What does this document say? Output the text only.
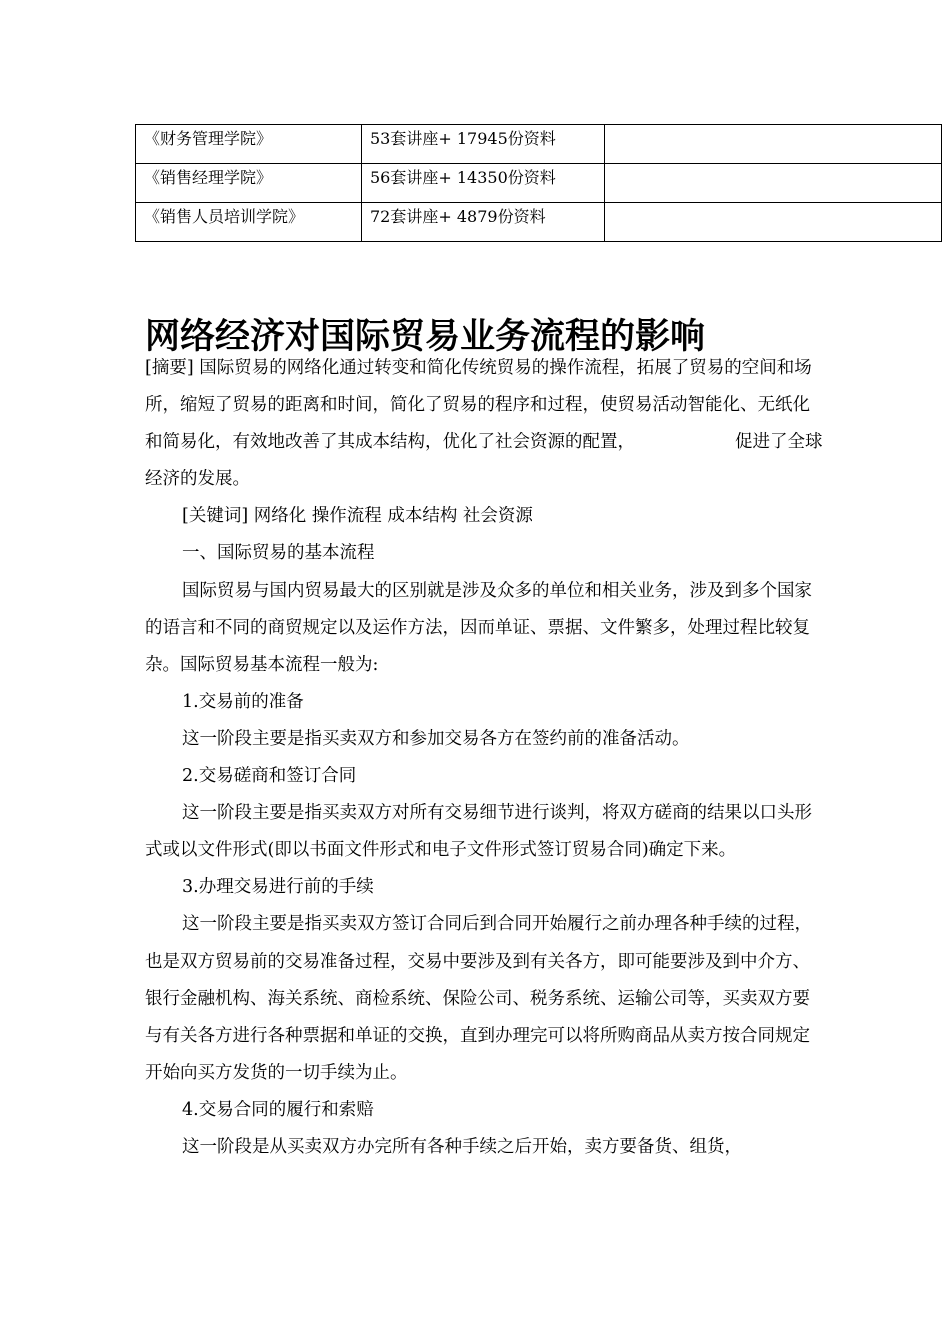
《财务管理学院》	53套讲座+ 17945份资料	
《销售经理学院》	56套讲座+ 14350份资料	
《销售人员培训学院》	72套讲座+ 4879份资料	
网络经济对国际贸易业务流程的影响

[摘要] 国际贸易的网络化通过转变和简化传统贸易的操作流程，拓展了贸易的空间和场所，缩短了贸易的距离和时间，简化了贸易的程序和过程，使贸易活动智能化、无纸化和简易化，有效地改善了其成本结构，优化了社会资源的配置，	促进了全球经济的发展。

[关键词] 网络化 操作流程 成本结构 社会资源

一、国际贸易的基本流程

国际贸易与国内贸易最大的区别就是涉及众多的单位和相关业务，涉及到多个国家的语言和不同的商贸规定以及运作方法，因而单证、票据、文件繁多，处理过程比较复杂。国际贸易基本流程一般为:

1.交易前的准备

这一阶段主要是指买卖双方和参加交易各方在签约前的准备活动。

2.交易磋商和签订合同

这一阶段主要是指买卖双方对所有交易细节进行谈判，将双方磋商的结果以口头形式或以文件形式(即以书面文件形式和电子文件形式签订贸易合同)确定下来。

3.办理交易进行前的手续

这一阶段主要是指买卖双方签订合同后到合同开始履行之前办理各种手续的过程，也是双方贸易前的交易准备过程，交易中要涉及到有关各方，即可能要涉及到中介方、银行金融机构、海关系统、商检系统、保险公司、税务系统、运输公司等，买卖双方要与有关各方进行各种票据和单证的交换，直到办理完可以将所购商品从卖方按合同规定开始向买方发货的一切手续为止。

4.交易合同的履行和索赔

这一阶段是从买卖双方办完所有各种手续之后开始，卖方要备货、组货，
